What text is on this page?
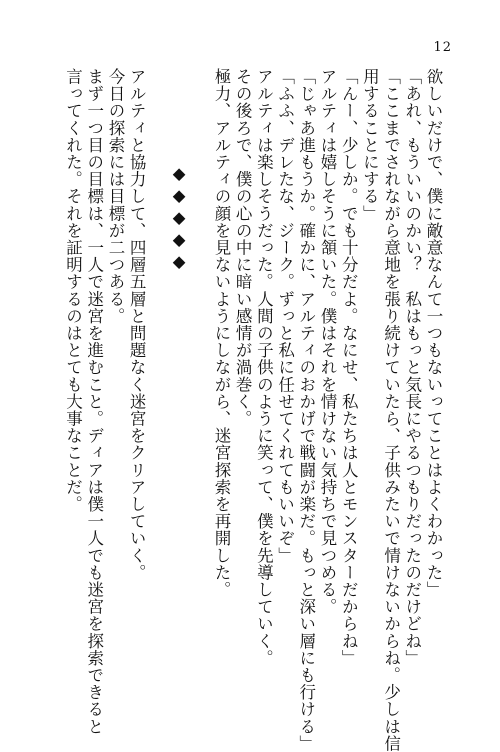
12
欲しいだけで、僕に敵意なんて一つもないってことはよくわかった」
「あれ、もういいのかい？　私はもっと気長にやるつもりだったのだけどね」
「ここまでされながら意地を張り続けていたら、子供みたいで情けないからね。少しは信
用することにする」
「んー、少しか。でも十分だよ。なにせ、私たちは人とモンスターだからね」
アルティは嬉しそうに頷いた。僕はそれを情けない気持ちで見つめる。
「じゃあ進もうか。確かに、アルティのおかげで戦闘が楽だ。もっと深い層にも行ける」
「ふふ、デレたな、ジーク。ずっと私に任せてくれてもいいぞ」
アルティは楽しそうだった。人間の子供のように笑って、僕を先導していく。
その後ろで、僕の心の中に暗い感情が渦巻く。
極力、アルティの顔を見ないようにしながら、迷宮探索を再開した。

◆◆◆◆◆

アルティと協力して、四層五層と問題なく迷宮をクリアしていく。
今日の探索には目標が二つある。
まず一つ目の目標は、一人で迷宮を進むこと。ディアは僕一人でも迷宮を探索できると
言ってくれた。それを証明するのはとても大事なことだ。
